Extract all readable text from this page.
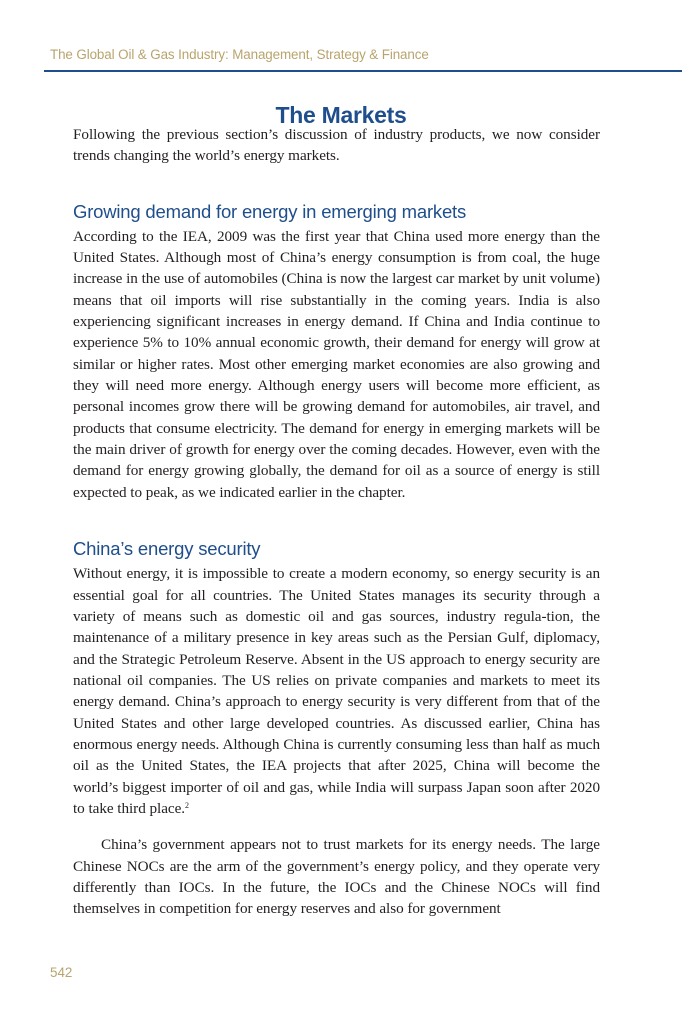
The Global Oil & Gas Industry: Management, Strategy & Finance
The Markets

Following the previous section’s discussion of industry products, we now consider trends changing the world’s energy markets.

Growing demand for energy in emerging markets

According to the IEA, 2009 was the first year that China used more energy than the United States. Although most of China’s energy consumption is from coal, the huge increase in the use of automobiles (China is now the largest car market by unit volume) means that oil imports will rise substantially in the coming years. India is also experiencing significant increases in energy demand. If China and India continue to experience 5% to 10% annual economic growth, their demand for energy will grow at similar or higher rates. Most other emerging market economies are also growing and they will need more energy. Although energy users will become more efficient, as personal incomes grow there will be growing demand for automobiles, air travel, and products that consume electricity. The demand for energy in emerging markets will be the main driver of growth for energy over the coming decades. However, even with the demand for energy growing globally, the demand for oil as a source of energy is still expected to peak, as we indicated earlier in the chapter.

China’s energy security

Without energy, it is impossible to create a modern economy, so energy security is an essential goal for all countries. The United States manages its security through a variety of means such as domestic oil and gas sources, industry regula-tion, the maintenance of a military presence in key areas such as the Persian Gulf, diplomacy, and the Strategic Petroleum Reserve. Absent in the US approach to energy security are national oil companies. The US relies on private companies and markets to meet its energy demand. China’s approach to energy security is very different from that of the United States and other large developed countries. As discussed earlier, China has enormous energy needs. Although China is currently consuming less than half as much oil as the United States, the IEA projects that after 2025, China will become the world’s biggest importer of oil and gas, while India will surpass Japan soon after 2020 to take third place.$^2$

China’s government appears not to trust markets for its energy needs. The large Chinese NOCs are the arm of the government’s energy policy, and they operate very differently than IOCs. In the future, the IOCs and the Chinese NOCs will find themselves in competition for energy reserves and also for government

542
